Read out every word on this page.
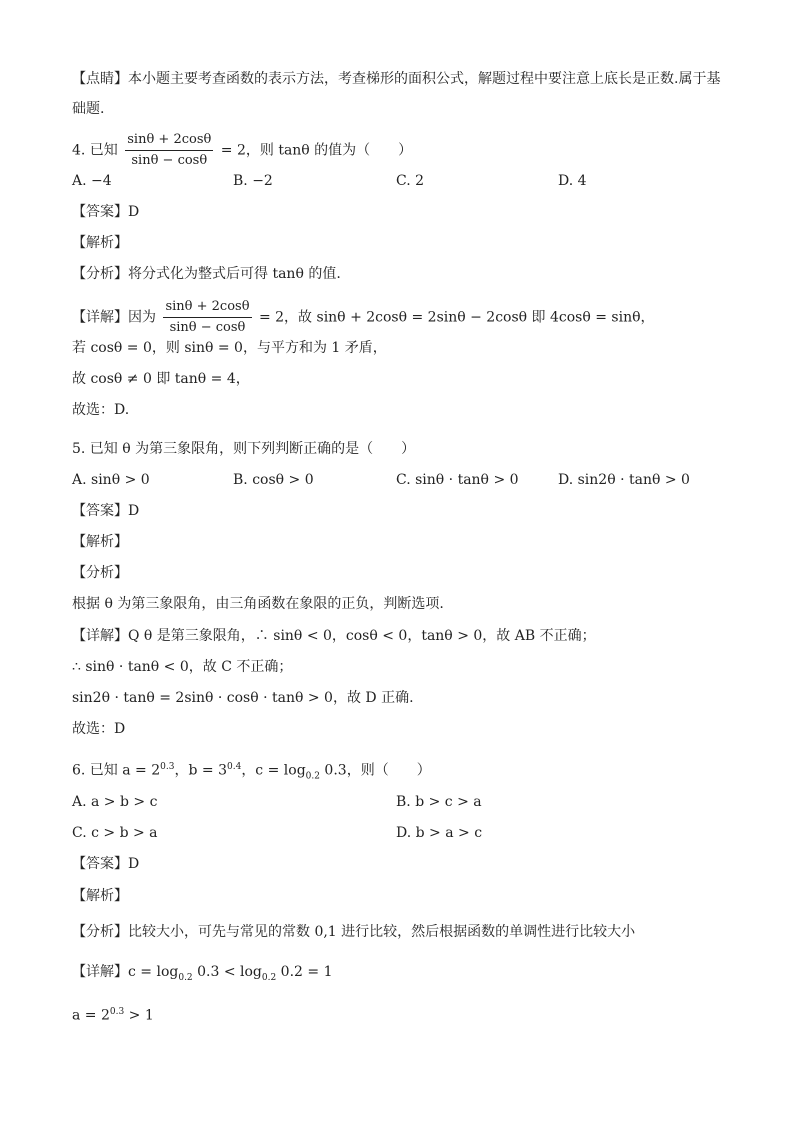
【点睛】本小题主要考查函数的表示方法，考查梯形的面积公式，解题过程中要注意上底长是正数.属于基
础题.
4. 已知 $\frac{\sin\theta + 2\cos\theta}{\sin\theta - \cos\theta} = 2$，则 tanθ 的值为（　　）
A. −4	B. −2	C. 2	D. 4
【答案】D
【解析】
【分析】将分式化为整式后可得 tanθ 的值.
【详解】因为 $\frac{\sin\theta + 2\cos\theta}{\sin\theta - \cos\theta} = 2$，故 sinθ + 2cosθ = 2sinθ − 2cosθ 即 4cosθ = sinθ，
若 cosθ = 0，则 sinθ = 0，与平方和为 1 矛盾，
故 cosθ ≠ 0 即 tanθ = 4，
故选：D.
5. 已知 θ 为第三象限角，则下列判断正确的是（　　）
A. sinθ > 0	B. cosθ > 0	C. sinθ · tanθ > 0	D. sin2θ · tanθ > 0
【答案】D
【解析】
【分析】
根据 θ 为第三象限角，由三角函数在象限的正负，判断选项.
【详解】Q θ 是第三象限角，∴ sinθ < 0，cosθ < 0，tanθ > 0，故 AB 不正确；
∴ sinθ · tanθ < 0，故 C 不正确；
sin2θ · tanθ = 2sinθ · cosθ · tanθ > 0，故 D 正确.
故选：D
6. 已知 $a = 2^{0.3}$，$b = 3^{0.4}$，$c = \log_{0.2} 0.3$，则（　　）
A. a > b > c	B. b > c > a
C. c > b > a	D. b > a > c
【答案】D
【解析】
【分析】比较大小，可先与常见的常数 0,1 进行比较，然后根据函数的单调性进行比较大小
【详解】$c = \log_{0.2} 0.3 < \log_{0.2} 0.2 = 1$
$a = 2^{0.3} > 1$
